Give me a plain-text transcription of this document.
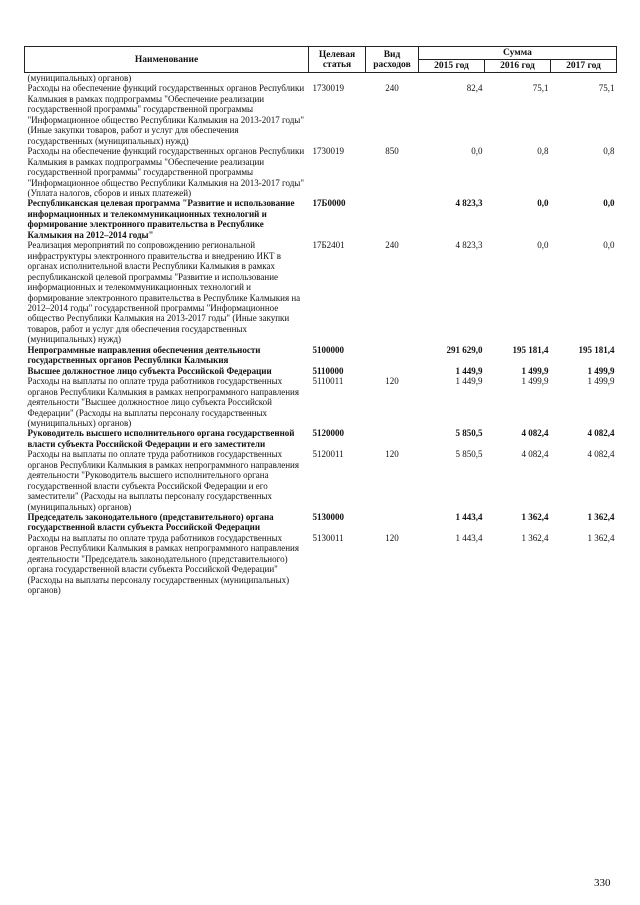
Наименование	Целевая статья	Вид расходов	Сумма		
			2015 год	2016 год	2017 год
(муниципальных) органов)					
Расходы на обеспечение функций государственных органов Республики Калмыкия в рамках подпрограммы "Обеспечение реализации государственной программы" государственной программы "Информационное общество Республики Калмыкия на 2013-2017 годы" (Иные закупки товаров, работ и услуг для обеспечения государственных (муниципальных) нужд)	1730019	240	82,4	75,1	75,1
Расходы на обеспечение функций государственных органов Республики Калмыкия в рамках подпрограммы "Обеспечение реализации государственной программы" государственной программы "Информационное общество Республики Калмыкия на 2013-2017 годы" (Уплата налогов, сборов и иных платежей)	1730019	850	0,0	0,8	0,8
Республиканская целевая программа "Развитие и использование информационных и телекоммуникационных технологий и формирование электронного правительства в Республике Калмыкия на 2012–2014 годы"	17Б0000		4 823,3	0,0	0,0
Реализация мероприятий по сопровождению региональной инфраструктуры электронного правительства и внедрению ИКТ в органах исполнительной власти Республики Калмыкия в рамках республиканской целевой программы "Развитие и использование информационных и телекоммуникационных технологий и формирование электронного правительства в Республике Калмыкия на 2012–2014 годы" государственной программы "Информационное общество Республики Калмыкия на 2013-2017 годы" (Иные закупки товаров, работ и услуг для обеспечения государственных (муниципальных) нужд)	17Б2401	240	4 823,3	0,0	0,0
Непрограммные направления обеспечения деятельности государственных органов Республики Калмыкия	5100000		291 629,0	195 181,4	195 181,4
Высшее должностное лицо субъекта Российской Федерации	5110000		1 449,9	1 499,9	1 499,9
Расходы на выплаты по оплате труда работников государственных органов Республики Калмыкия в рамках непрограммного направления деятельности "Высшее должностное лицо субъекта Российской Федерации" (Расходы на выплаты персоналу государственных (муниципальных) органов)	5110011	120	1 449,9	1 499,9	1 499,9
Руководитель высшего исполнительного органа государственной власти субъекта Российской Федерации и его заместители	5120000		5 850,5	4 082,4	4 082,4
Расходы на выплаты по оплате труда работников государственных органов Республики Калмыкия в рамках непрограммного направления деятельности "Руководитель высшего исполнительного органа государственной власти субъекта Российской Федерации и его заместители" (Расходы на выплаты персоналу государственных (муниципальных) органов)	5120011	120	5 850,5	4 082,4	4 082,4
Председатель законодательного (представительного) органа государственной власти субъекта Российской Федерации	5130000		1 443,4	1 362,4	1 362,4
Расходы на выплаты по оплате труда работников государственных органов Республики Калмыкия в рамках непрограммного направления деятельности "Председатель законодательного (представительного) органа государственной власти субъекта Российской Федерации" (Расходы на выплаты персоналу государственных (муниципальных) органов)	5130011	120	1 443,4	1 362,4	1 362,4
330
